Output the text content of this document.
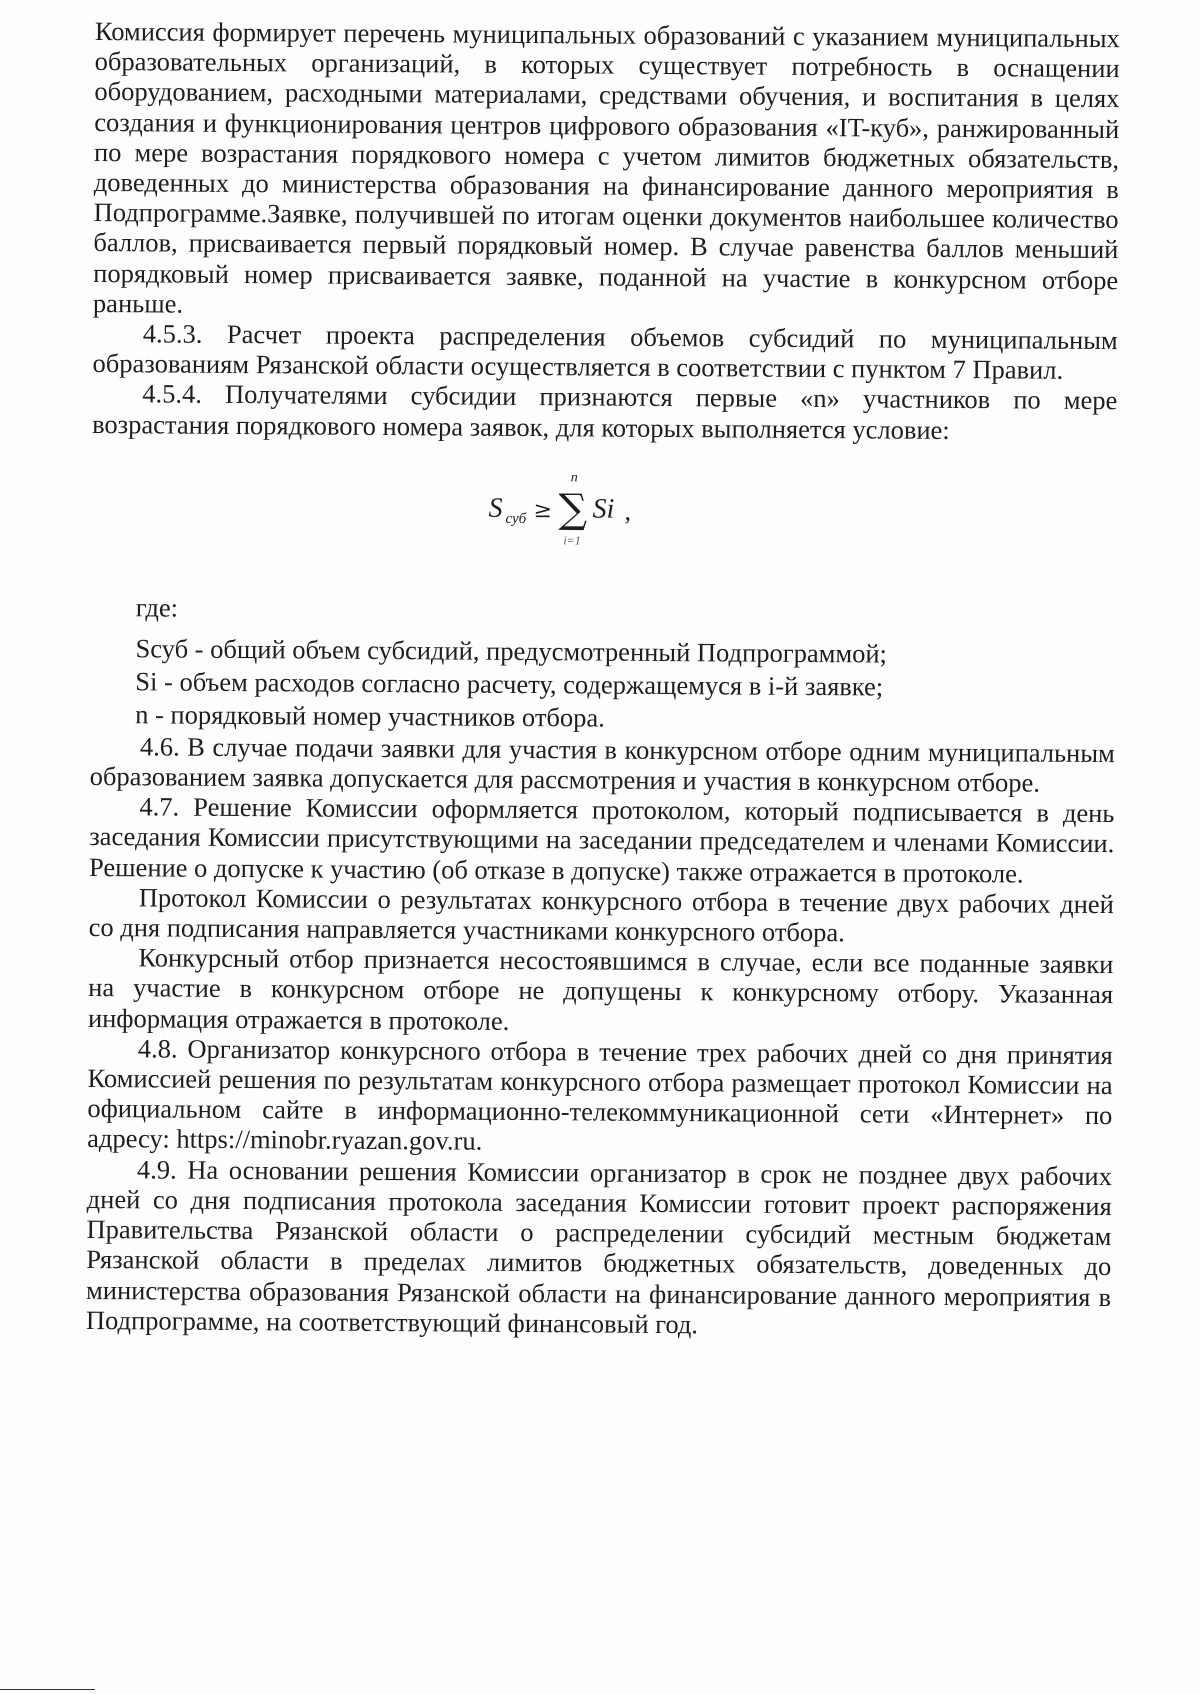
Комиссия формирует перечень муниципальных образований с указанием муниципальных образовательных организаций, в которых существует потребность в оснащении оборудованием, расходными материалами, средствами обучения, и воспитания в целях создания и функционирования центров цифрового образования «IT-куб», ранжированный по мере возрастания порядкового номера с учетом лимитов бюджетных обязательств, доведенных до министерства образования на финансирование данного мероприятия в Подпрограмме.Заявке, получившей по итогам оценки документов наибольшее количество баллов, присваивается первый порядковый номер. В случае равенства баллов меньший порядковый номер присваивается заявке, поданной на участие в конкурсном отборе раньше.

4.5.3. Расчет проекта распределения объемов субсидий по муниципальным образованиям Рязанской области осуществляется в соответствии с пунктом 7 Правил.

4.5.4. Получателями субсидии признаются первые «n» участников по мере возрастания порядкового номера заявок, для которых выполняется условие:

S суб ≥ ∑
n
i=1
Si ,

где:

Sсуб - общий объем субсидий, предусмотренный Подпрограммой;

Si - объем расходов согласно расчету, содержащемуся в i-й заявке;

n - порядковый номер участников отбора.

4.6. В случае подачи заявки для участия в конкурсном отборе одним муниципальным образованием заявка допускается для рассмотрения и участия в конкурсном отборе.

4.7. Решение Комиссии оформляется протоколом, который подписывается в день заседания Комиссии присутствующими на заседании председателем и членами Комиссии. Решение о допуске к участию (об отказе в допуске) также отражается в протоколе.

Протокол Комиссии о результатах конкурсного отбора в течение двух рабочих дней со дня подписания направляется участниками конкурсного отбора.

Конкурсный отбор признается несостоявшимся в случае, если все поданные заявки на участие в конкурсном отборе не допущены к конкурсному отбору. Указанная информация отражается в протоколе.

4.8. Организатор конкурсного отбора в течение трех рабочих дней со дня принятия Комиссией решения по результатам конкурсного отбора размещает протокол Комиссии на официальном сайте в информационно-телекоммуникационной сети «Интернет» по адресу: https://minobr.ryazan.gov.ru.

4.9. На основании решения Комиссии организатор в срок не позднее двух рабочих дней со дня подписания протокола заседания Комиссии готовит проект распоряжения Правительства Рязанской области о распределении субсидий местным бюджетам Рязанской области в пределах лимитов бюджетных обязательств, доведенных до министерства образования Рязанской области на финансирование данного мероприятия в Подпрограмме, на соответствующий финансовый год.
